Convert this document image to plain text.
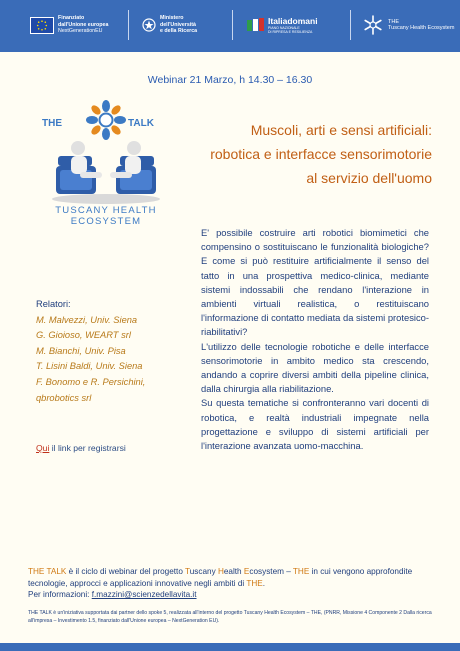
Finanziato
dall'Unione europea
NextGenerationEU
Ministero
dell'Università
e della Ricerca
Italiadomani
PIANO NAZIONALE
DI RIPRESA E RESILIENZA
THE
Tuscany Health Ecosystem
Webinar 21 Marzo, h 14.30 – 16.30
THE	TALK
TUSCANY HEALTH
ECOSYSTEM
Muscoli, arti e sensi artificiali:
robotica e interfacce sensorimotorie
al servizio dell'uomo

E' possibile costruire arti robotici biomimetici che compensino o sostituiscano le funzionalità biologiche? E come si può restituire artificialmente il senso del tatto in una prospettiva medico-clinica, mediante sistemi indossabili che rendano l'interazione in ambienti virtuali realistica, o restituiscano l'informazione di contatto mediata da sistemi protesico-riabilitativi?

L'utilizzo delle tecnologie robotiche e delle interfacce sensorimotorie in ambito medico sta crescendo, andando a coprire diversi ambiti della pipeline clinica, dalla chirurgia alla riabilitazione.

Su questa tematiche si confronteranno vari docenti di robotica, e realtà industriali impegnate nella progettazione e sviluppo di sistemi artificiali per l'interazione avanzata uomo-macchina.

Relatori:
M. Malvezzi, Univ. Siena
G. Gioioso, WEART srl
M. Bianchi, Univ. Pisa
T. Lisini Baldi, Univ. Siena
F. Bonomo e R. Persichini,
qbrobotics srl
Qui il link per registrarsi
THE TALK è il ciclo di webinar del progetto Tuscany Health Ecosystem – THE in cui vengono approfondite tecnologie, approcci e applicazioni innovative negli ambiti di THE.
Per informazioni: f.mazzini@scienzedellavita.it
THE TALK è un'iniziativa supportata dai partner dello spoke 5, realizzata all'interno del progetto Tuscany Health Ecosystem – THE, (PNRR, Missione 4 Componente 2 Dalla ricerca all'impresa – Investimento 1.5, finanziato dall'Unione europea – NextGeneration EU).
